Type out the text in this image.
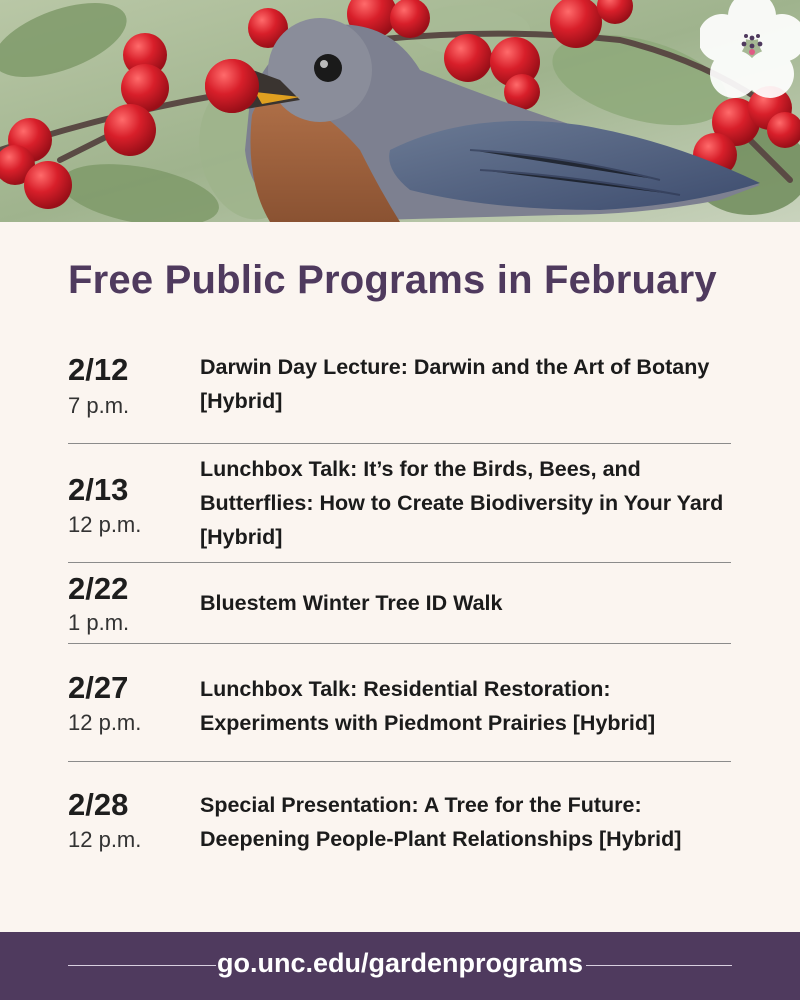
Free Public Programs in February
2/12
7 p.m.
Darwin Day Lecture: Darwin and the Art of Botany [Hybrid]
2/13
12 p.m.
Lunchbox Talk: It’s for the Birds, Bees, and Butterflies: How to Create Biodiversity in Your Yard [Hybrid]
2/22
1 p.m.
Bluestem Winter Tree ID Walk
2/27
12 p.m.
Lunchbox Talk: Residential Restoration: Experiments with Piedmont Prairies [Hybrid]
2/28
12 p.m.
Special Presentation: A Tree for the Future: Deepening People-Plant Relationships [Hybrid]
go.unc.edu/gardenprograms
